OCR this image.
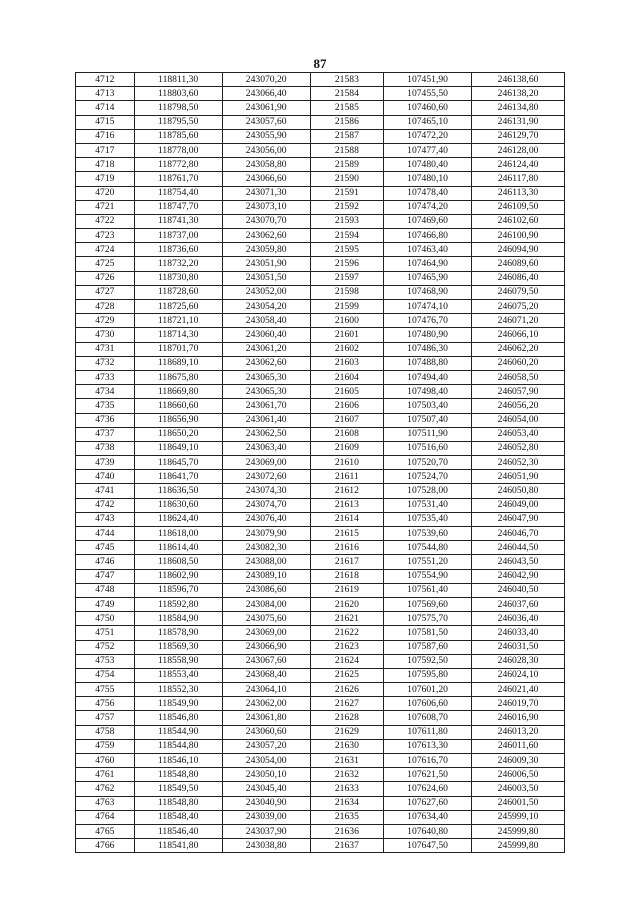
87
4712	118811,30	243070,20	21583	107451,90	246138,60
4713	118803,60	243066,40	21584	107455,50	246138,20
4714	118798,50	243061,90	21585	107460,60	246134,80
4715	118795,50	243057,60	21586	107465,10	246131,90
4716	118785,60	243055,90	21587	107472,20	246129,70
4717	118778,00	243056,00	21588	107477,40	246128,00
4718	118772,80	243058,80	21589	107480,40	246124,40
4719	118761,70	243066,60	21590	107480,10	246117,80
4720	118754,40	243071,30	21591	107478,40	246113,30
4721	118747,70	243073,10	21592	107474,20	246109,50
4722	118741,30	243070,70	21593	107469,60	246102,60
4723	118737,00	243062,60	21594	107466,80	246100,90
4724	118736,60	243059,80	21595	107463,40	246094,90
4725	118732,20	243051,90	21596	107464,90	246089,60
4726	118730,80	243051,50	21597	107465,90	246086,40
4727	118728,60	243052,00	21598	107468,90	246079,50
4728	118725,60	243054,20	21599	107474,10	246075,20
4729	118721,10	243058,40	21600	107476,70	246071,20
4730	118714,30	243060,40	21601	107480,90	246066,10
4731	118701,70	243061,20	21602	107486,30	246062,20
4732	118689,10	243062,60	21603	107488,80	246060,20
4733	118675,80	243065,30	21604	107494,40	246058,50
4734	118669,80	243065,30	21605	107498,40	246057,90
4735	118660,60	243061,70	21606	107503,40	246056,20
4736	118656,90	243061,40	21607	107507,40	246054,00
4737	118650,20	243062,50	21608	107511,90	246053,40
4738	118649,10	243063,40	21609	107516,60	246052,80
4739	118645,70	243069,00	21610	107520,70	246052,30
4740	118641,70	243072,60	21611	107524,70	246051,90
4741	118636,50	243074,30	21612	107528,00	246050,80
4742	118630,60	243074,70	21613	107531,40	246049,00
4743	118624,40	243076,40	21614	107535,40	246047,90
4744	118618,00	243079,90	21615	107539,60	246046,70
4745	118614,40	243082,30	21616	107544,80	246044,50
4746	118608,50	243088,00	21617	107551,20	246043,50
4747	118602,90	243089,10	21618	107554,90	246042,90
4748	118596,70	243086,60	21619	107561,40	246040,50
4749	118592,80	243084,00	21620	107569,60	246037,60
4750	118584,90	243075,60	21621	107575,70	246036,40
4751	118578,90	243069,00	21622	107581,50	246033,40
4752	118569,30	243066,90	21623	107587,60	246031,50
4753	118558,90	243067,60	21624	107592,50	246028,30
4754	118553,40	243068,40	21625	107595,80	246024,10
4755	118552,30	243064,10	21626	107601,20	246021,40
4756	118549,90	243062,00	21627	107606,60	246019,70
4757	118546,80	243061,80	21628	107608,70	246016,90
4758	118544,90	243060,60	21629	107611,80	246013,20
4759	118544,80	243057,20	21630	107613,30	246011,60
4760	118546,10	243054,00	21631	107616,70	246009,30
4761	118548,80	243050,10	21632	107621,50	246006,50
4762	118549,50	243045,40	21633	107624,60	246003,50
4763	118548,80	243040,90	21634	107627,60	246001,50
4764	118548,40	243039,00	21635	107634,40	245999,10
4765	118546,40	243037,90	21636	107640,80	245999,80
4766	118541,80	243038,80	21637	107647,50	245999,80
